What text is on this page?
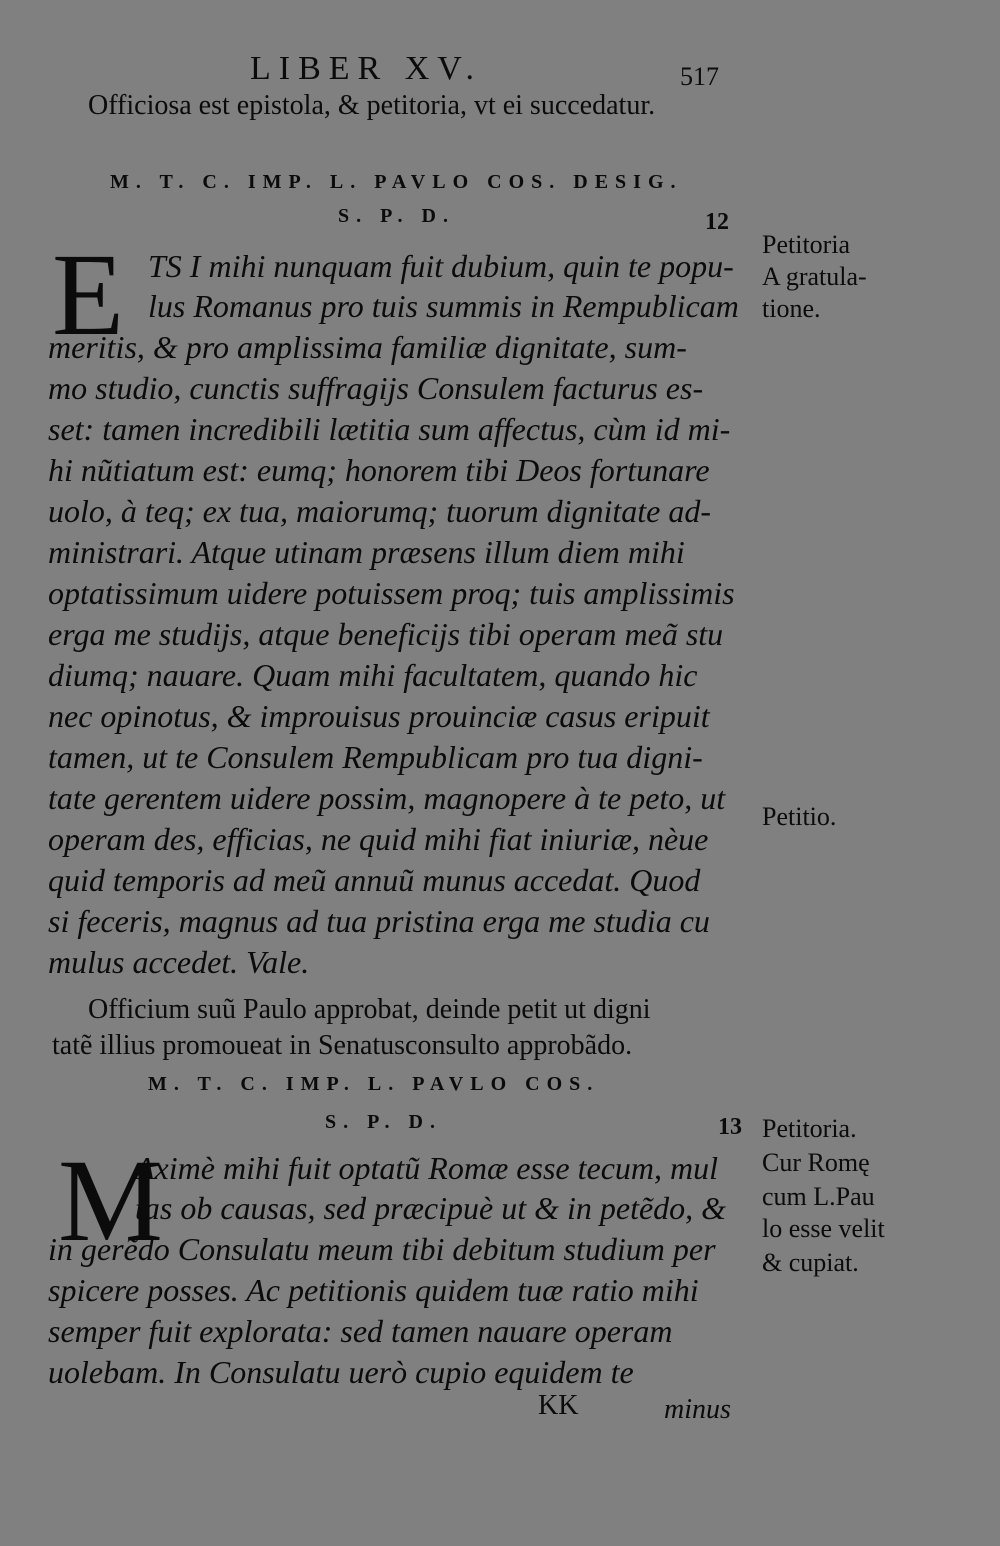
LIBER XV.	517
Officiosa est epistola, & petitoria, vt ei succedatur.
M. T. C. IMP. L. PAVLO COS. DESIG.
S. P. D.	12
E TS I mihi nunquam fuit dubium, quin te popu-
lus Romanus pro tuis summis in Rempublicam
meritis, & pro amplissima familiæ dignitate, sum-
mo studio, cunctis suffragijs Consulem facturus es-
set: tamen incredibili lætitia sum affectus, cùm id mi-
hi nũtiatum est: eumq; honorem tibi Deos fortunare
uolo, à teq; ex tua, maiorumq; tuorum dignitate ad-
ministrari. Atque utinam præsens illum diem mihi
optatissimum uidere potuissem proq; tuis amplissimis
erga me studijs, atque beneficijs tibi operam meã stu
diumq; nauare. Quam mihi facultatem, quando hic
nec opinotus, & improuisus prouinciæ casus eripuit
tamen, ut te Consulem Rempublicam pro tua digni-
tate gerentem uidere possim, magnopere à te peto, ut
operam des, efficias, ne quid mihi fiat iniuriæ, nèue
quid temporis ad meũ annuũ munus accedat. Quod
si feceris, magnus ad tua pristina erga me studia cu
mulus accedet. Vale.
Petitoria
A gratula-
tione.
Petitio.
Officium suũ Paulo approbat, deinde petit ut digni
tatẽ illius promoueat in Senatusconsulto approbãdo.
M. T. C. IMP. L. PAVLO COS.
S. P. D.	13
M
Aximè mihi fuit optatũ Romæ esse tecum, mul
tas ob causas, sed præcipuè ut & in petẽdo, &
in gerẽdo Consulatu meum tibi debitum studium per
spicere posses. Ac petitionis quidem tuæ ratio mihi
semper fuit explorata: sed tamen nauare operam
uolebam. In Consulatu uerò cupio equidem te
Petitoria.
Cur Romę
cum L.Pau
lo esse velit
& cupiat.
KK	minus
